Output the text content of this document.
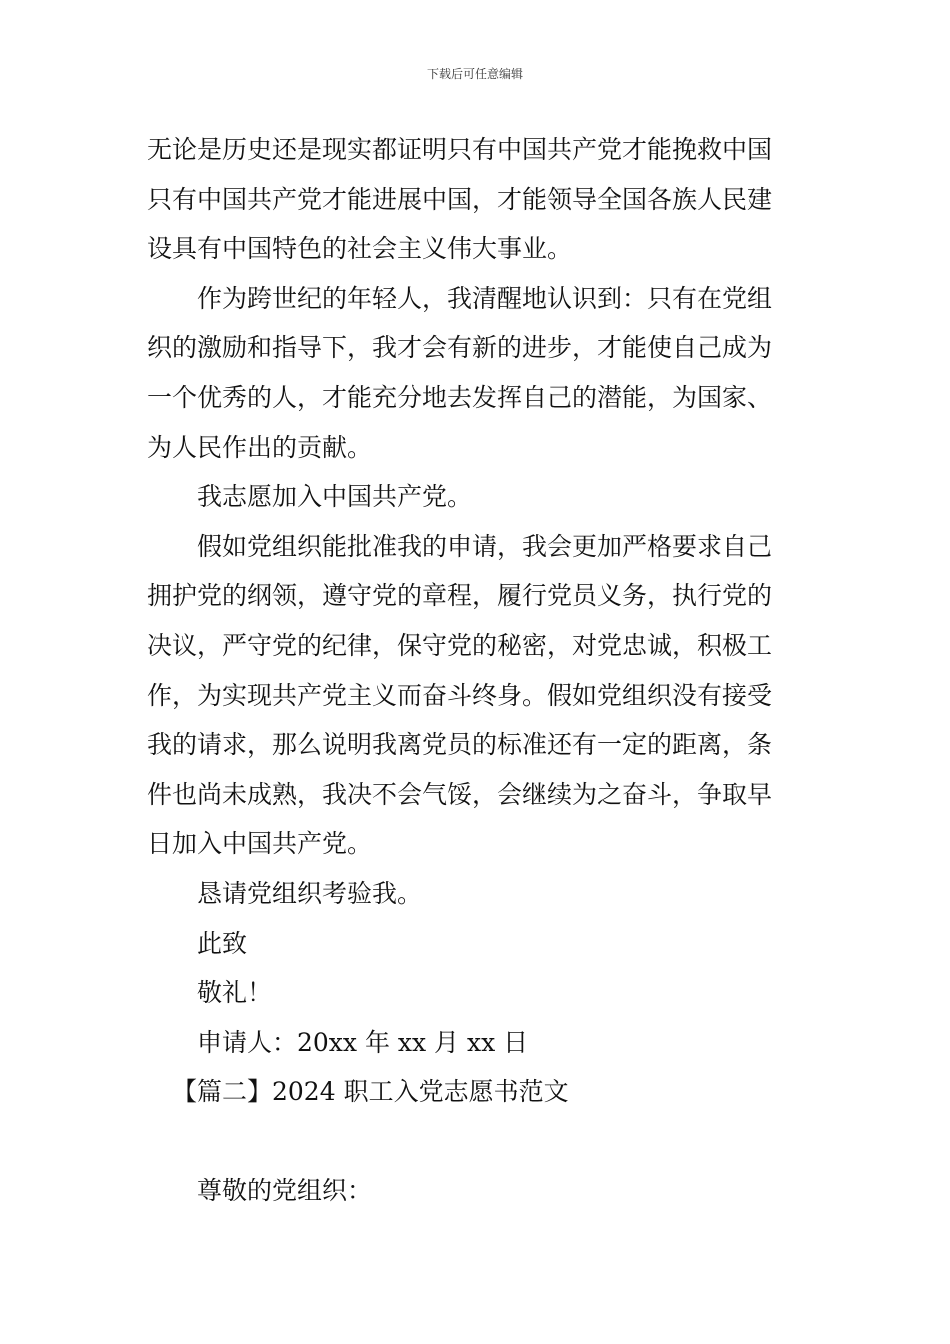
下载后可任意编辑
无论是历史还是现实都证明只有中国共产党才能挽救中国
只有中国共产党才能进展中国，才能领导全国各族人民建
设具有中国特色的社会主义伟大事业。
作为跨世纪的年轻人，我清醒地认识到：只有在党组
织的激励和指导下，我才会有新的进步，才能使自己成为
一个优秀的人，才能充分地去发挥自己的潜能，为国家、
为人民作出的贡献。
我志愿加入中国共产党。
假如党组织能批准我的申请，我会更加严格要求自己
拥护党的纲领，遵守党的章程，履行党员义务，执行党的
决议，严守党的纪律，保守党的秘密，对党忠诚，积极工
作，为实现共产党主义而奋斗终身。假如党组织没有接受
我的请求，那么说明我离党员的标准还有一定的距离，条
件也尚未成熟，我决不会气馁，会继续为之奋斗，争取早
日加入中国共产党。
恳请党组织考验我。
此致
敬礼！
申请人：20xx 年 xx 月 xx 日
【篇二】2024 职工入党志愿书范文
尊敬的党组织：
